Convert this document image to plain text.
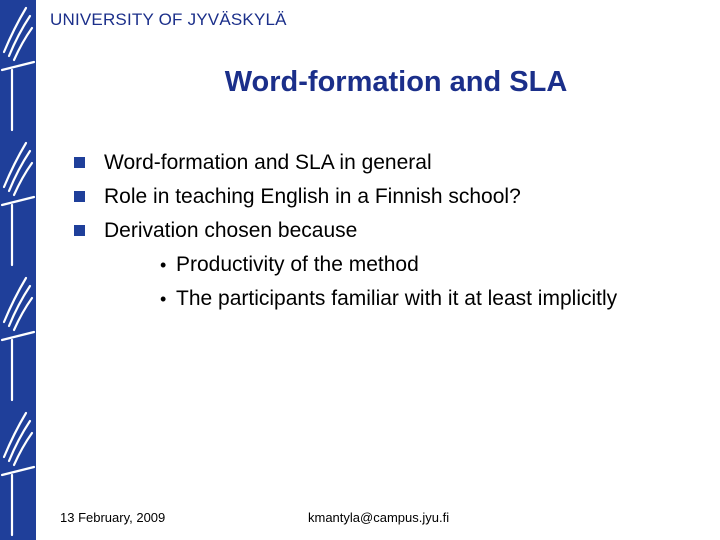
UNIVERSITY OF JYVÄSKYLÄ
Word-formation and SLA
Word-formation and SLA in general
Role in teaching English in a Finnish school?
Derivation chosen because
• Productivity of the method
• The participants familiar with it at least implicitly
13 February, 2009	kmantyla@campus.jyu.fi
